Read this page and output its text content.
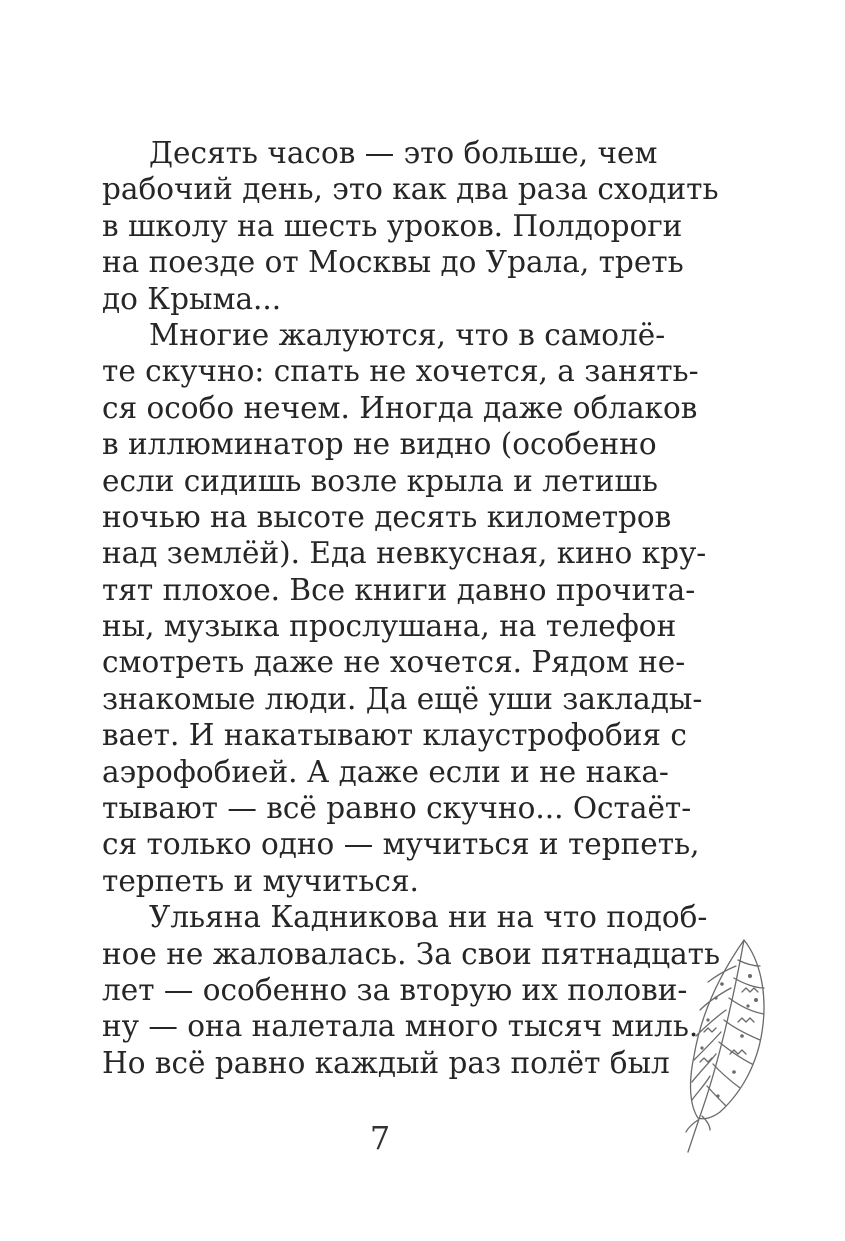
Десять часов — это больше, чем
рабочий день, это как два раза сходить
в школу на шесть уроков. Полдороги
на поезде от Москвы до Урала, треть
до Крыма...
Многие жалуются, что в самолё-
те скучно: спать не хочется, а занять-
ся особо нечем. Иногда даже облаков
в иллюминатор не видно (особенно
если сидишь возле крыла и летишь
ночью на высоте десять километров
над землёй). Еда невкусная, кино кру-
тят плохое. Все книги давно прочита-
ны, музыка прослушана, на телефон
смотреть даже не хочется. Рядом не-
знакомые люди. Да ещё уши заклады-
вает. И накатывают клаустрофобия с
аэрофобией. А даже если и не нака-
тывают — всё равно скучно... Остаёт-
ся только одно — мучиться и терпеть,
терпеть и мучиться.
Ульяна Кадникова ни на что подоб-
ное не жаловалась. За свои пятнадцать
лет — особенно за вторую их полови-
ну — она налетала много тысяч миль.
Но всё равно каждый раз полёт был
7
